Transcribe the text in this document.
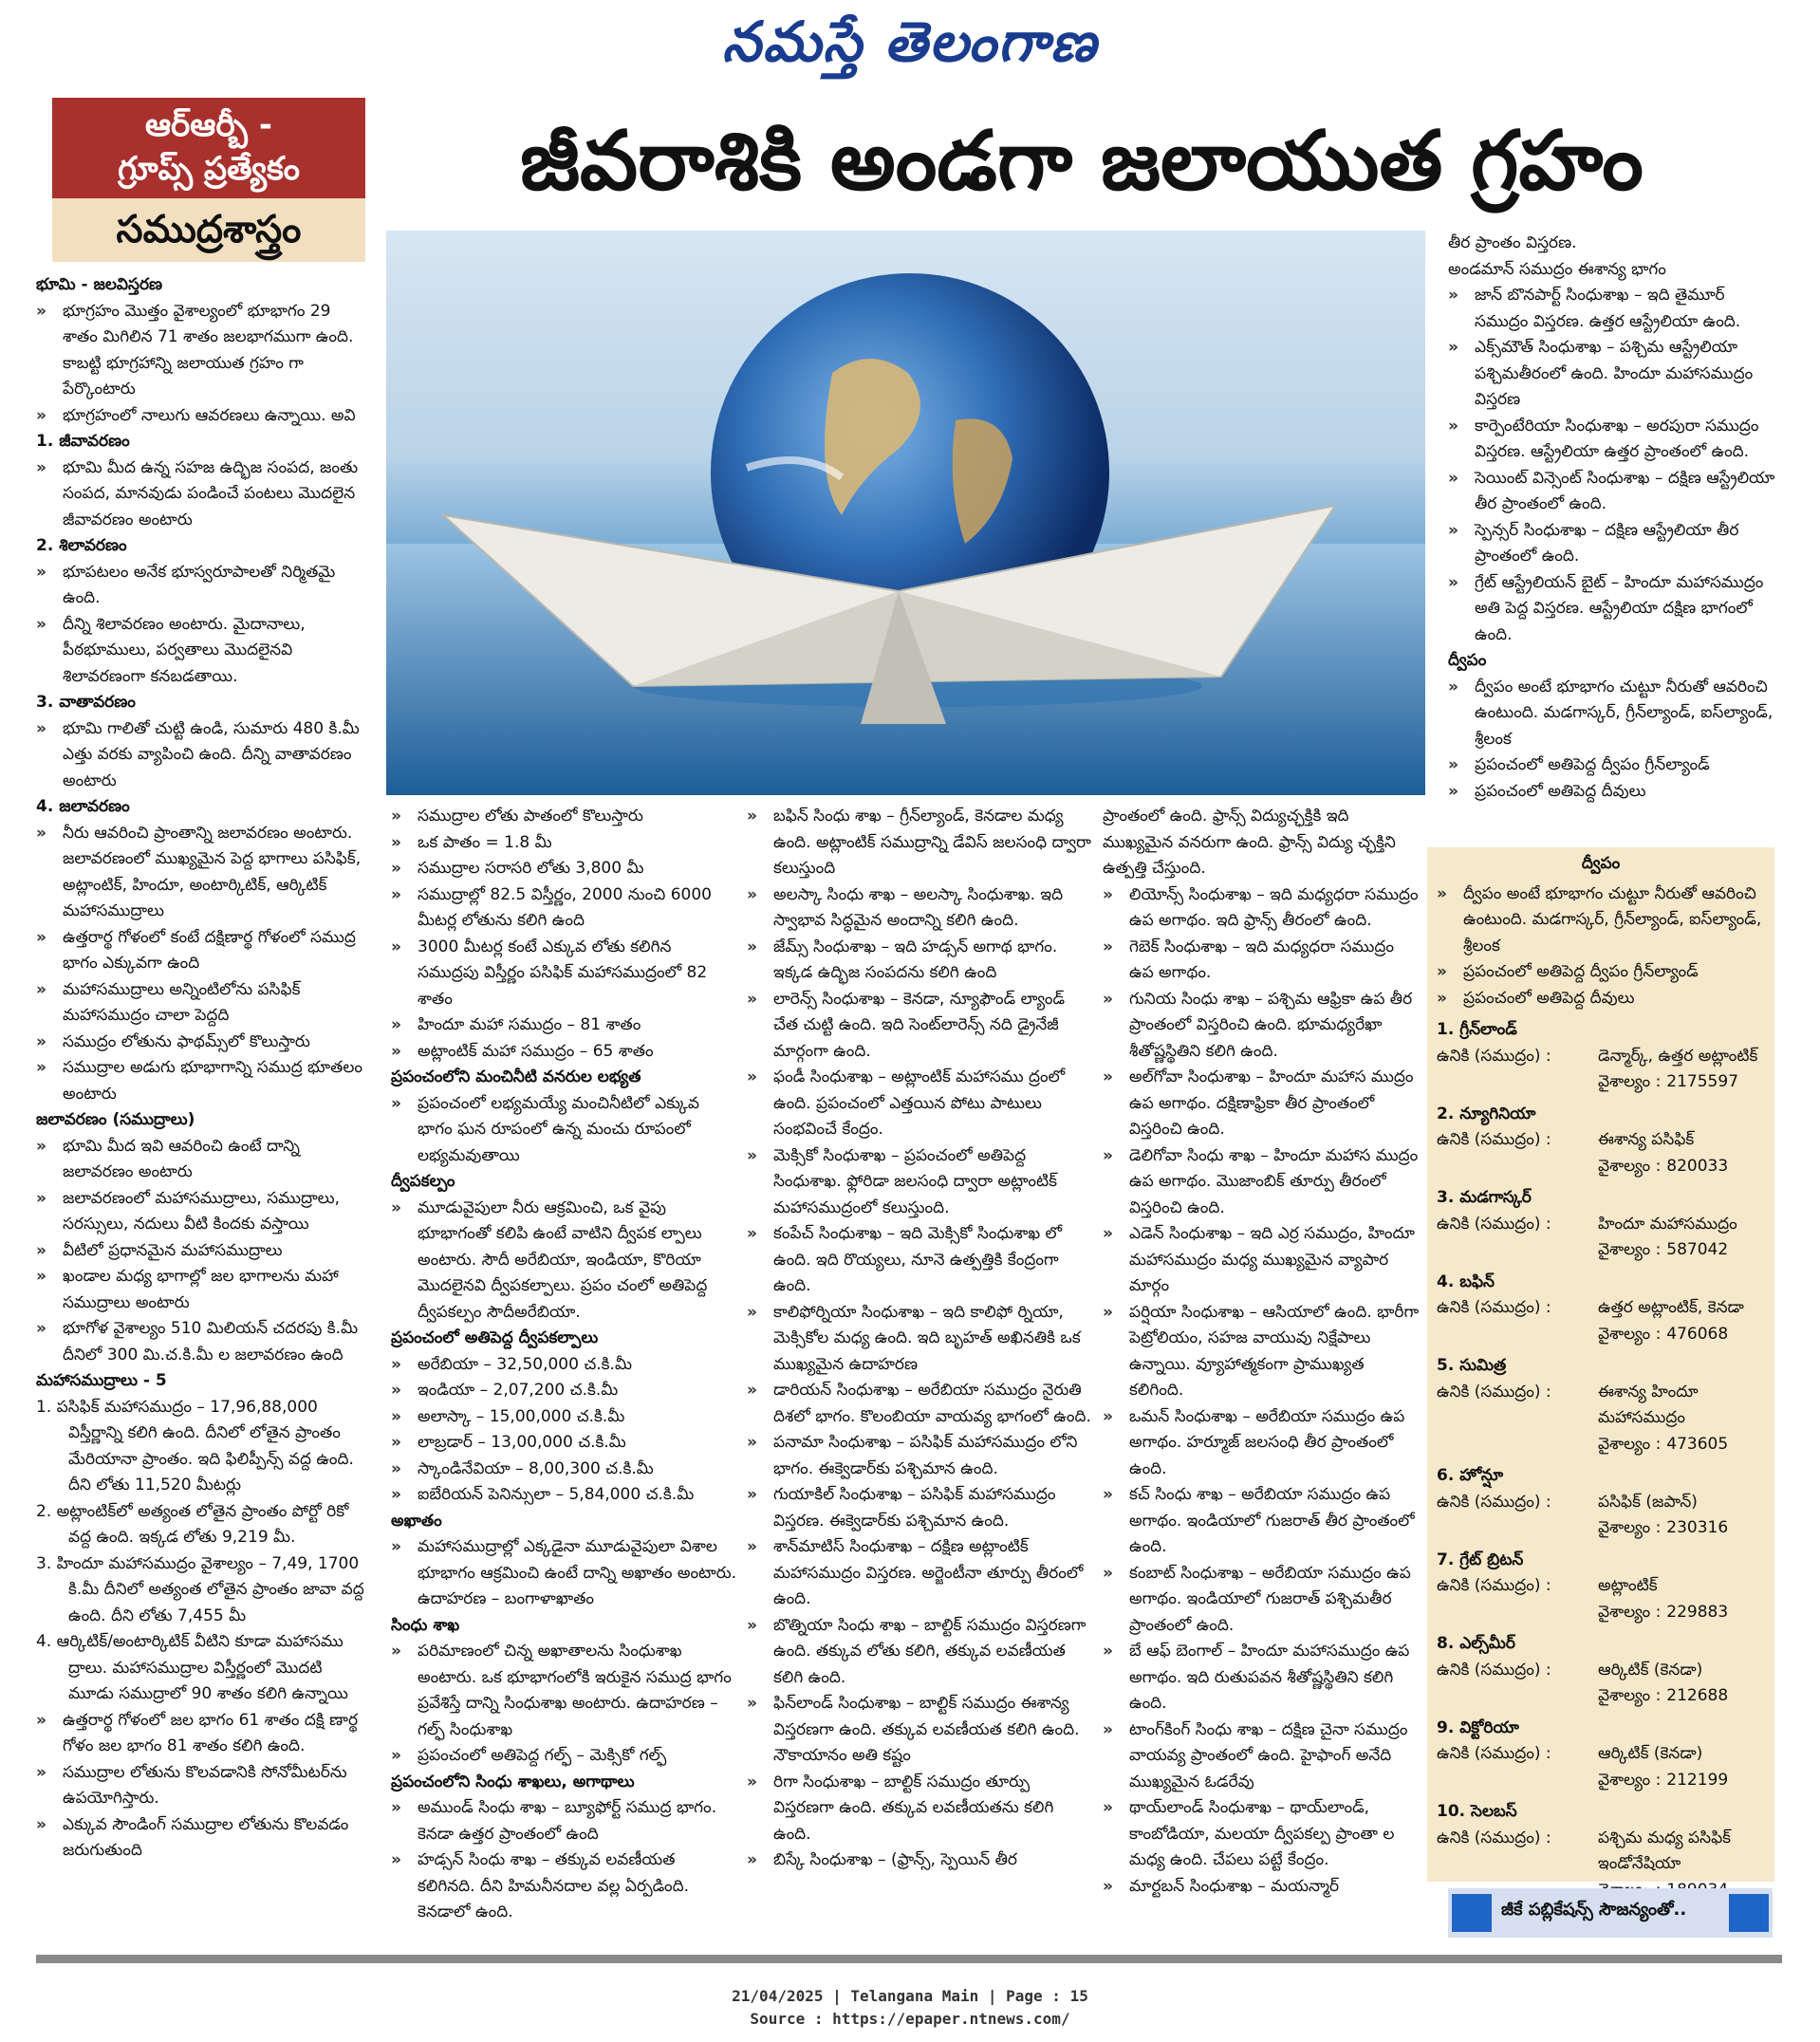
నమస్తే తెలంగాణ
ఆర్ఆర్బీ -
గ్రూప్స్ ప్రత్యేకం
సముద్రశాస్త్రం
జీవరాశికి అండగా జలాయుత గ్రహం

భూమి - జలవిస్తరణ

» భూగ్రహం మొత్తం వైశాల్యంలో భూభాగం 29 శాతం మిగిలిన 71 శాతం జలభాగముగా ఉంది. కాబట్టి భూగ్రహాన్ని జలాయుత గ్రహం గా పేర్కొంటారు

» భూగ్రహంలో నాలుగు ఆవరణలు ఉన్నాయి. అవి

1. జీవావరణం

» భూమి మీద ఉన్న సహజ ఉద్భిజ సంపద, జంతు సంపద, మానవుడు పండించే పంటలు మొదలైన జీవావరణం అంటారు

2. శిలావరణం

» భూపటలం అనేక భూస్వరూపాలతో నిర్మితమై ఉంది.

» దీన్ని శిలావరణం అంటారు. మైదానాలు, పీఠభూములు, పర్వతాలు మొదలైనవి శిలావరణంగా కనబడతాయి.

3. వాతావరణం

» భూమి గాలితో చుట్టి ఉండి, సుమారు 480 కి.మీ ఎత్తు వరకు వ్యాపించి ఉంది. దీన్ని వాతావరణం అంటారు

4. జలావరణం

» నీరు ఆవరించి ప్రాంతాన్ని జలావరణం అంటారు. జలావరణంలో ముఖ్యమైన పెద్ద భాగాలు పసిఫిక్, అట్లాంటిక్, హిందూ, అంటార్కిటిక్, ఆర్కిటిక్ మహాసముద్రాలు

» ఉత్తరార్థ గోళంలో కంటే దక్షిణార్థ గోళంలో సముద్ర భాగం ఎక్కువగా ఉంది

» మహాసముద్రాలు అన్నింటిలోను పసిఫిక్ మహాసముద్రం చాలా పెద్దది

» సముద్రం లోతును ఫాథమ్స్‌లో కొలుస్తారు

» సముద్రాల అడుగు భూభాగాన్ని సముద్ర భూతలం అంటారు

జలావరణం (సముద్రాలు)

» భూమి మీద ఇవి ఆవరించి ఉంటే దాన్ని జలావరణం అంటారు

» జలావరణంలో మహాసముద్రాలు, సముద్రాలు, సరస్సులు, నదులు వీటి కిందకు వస్తాయి

» వీటిలో ప్రధానమైన మహాసముద్రాలు

» ఖండాల మధ్య భాగాల్లో జల భాగాలను మహా సముద్రాలు అంటారు

» భూగోళ వైశాల్యం 510 మిలియన్ చదరపు కి.మీ దీనిలో 300 మి.చ.కి.మీ ల జలావరణం ఉంది

మహాసముద్రాలు - 5

1. పసిఫిక్ మహాసముద్రం – 17,96,88,000 విస్తీర్ణాన్ని కలిగి ఉంది. దీనిలో లోతైన ప్రాంతం మేరియానా ప్రాంతం. ఇది ఫిలిప్పీన్స్ వద్ద ఉంది. దీని లోతు 11,520 మీటర్లు

2. అట్లాంటిక్‌లో అత్యంత లోతైన ప్రాంతం పోర్టో రికో వద్ద ఉంది. ఇక్కడ లోతు 9,219 మీ.

3. హిందూ మహాసముద్రం వైశాల్యం – 7,49, 1700 కి.మీ దీనిలో అత్యంత లోతైన ప్రాంతం జావా వద్ద ఉంది. దీని లోతు 7,455 మీ

4. ఆర్కిటిక్/అంటార్కిటిక్ వీటిని కూడా మహాసము ద్రాలు. మహాసముద్రాల విస్తీర్ణంలో మొదటి మూడు సముద్రాలో 90 శాతం కలిగి ఉన్నాయి

» ఉత్తరార్థ గోళంలో జల భాగం 61 శాతం దక్షి ణార్థ గోళం జల భాగం 81 శాతం కలిగి ఉంది.

» సముద్రాల లోతును కొలవడానికి సోనోమీటర్‌ను ఉపయోగిస్తారు.

» ఎక్కువ సౌండింగ్ సముద్రాల లోతును కొలవడం జరుగుతుంది

» సముద్రాల లోతు పాతంలో కొలుస్తారు

» ఒక పాతం = 1.8 మీ

» సముద్రాల సరాసరి లోతు 3,800 మీ

» సముద్రాల్లో 82.5 విస్తీర్ణం, 2000 నుంచి 6000 మీటర్ల లోతును కలిగి ఉంది

» 3000 మీటర్ల కంటే ఎక్కువ లోతు కలిగిన సముద్రపు విస్తీర్ణం పసిఫిక్ మహాసముద్రంలో 82 శాతం

» హిందూ మహా సముద్రం – 81 శాతం

» అట్లాంటిక్ మహా సముద్రం – 65 శాతం

ప్రపంచంలోని మంచినీటి వనరుల లభ్యత

» ప్రపంచంలో లభ్యమయ్యే మంచినీటిలో ఎక్కువ భాగం ఘన రూపంలో ఉన్న మంచు రూపంలో లభ్యమవుతాయి

ద్వీపకల్పం

» మూడువైపులా నీరు ఆక్రమించి, ఒక వైపు భూభాగంతో కలిపి ఉంటే వాటిని ద్వీపక ల్పాలు అంటారు. సౌదీ అరేబియా, ఇండియా, కొరియా మొదలైనవి ద్వీపకల్పాలు. ప్రపం చంలో అతిపెద్ద ద్వీపకల్పం సౌదీఅరేబియా.

ప్రపంచంలో అతిపెద్ద ద్వీపకల్పాలు

» అరేబియా – 32,50,000 చ.కి.మీ

» ఇండియా – 2,07,200 చ.కి.మీ

» అలాస్కా – 15,00,000 చ.కి.మీ

» లాబ్రడార్ – 13,00,000 చ.కి.మీ

» స్కాండినేవియా – 8,00,300 చ.కి.మీ

» ఐబేరియన్ పెనిన్సులా – 5,84,000 చ.కి.మీ

అఖాతం

» మహాసముద్రాల్లో ఎక్కడైనా మూడువైపులా విశాల భూభాగం ఆక్రమించి ఉంటే దాన్ని అఖాతం అంటారు. ఉదాహరణ – బంగాళాఖాతం

సింధు శాఖ

» పరిమాణంలో చిన్న అఖాతాలను సింధుశాఖ అంటారు. ఒక భూభాగంలోకి ఇరుకైన సముద్ర భాగం ప్రవేశిస్తే దాన్ని సింధుశాఖ అంటారు. ఉదాహరణ – గల్ఫ్ సింధుశాఖ

» ప్రపంచంలో అతిపెద్ద గల్ఫ్ – మెక్సికో గల్ఫ్

ప్రపంచంలోని సింధు శాఖలు, అగాథాలు

» అముండ్ సింధు శాఖ – బ్యూఫోర్ట్ సముద్ర భాగం. కెనడా ఉత్తర ప్రాంతంలో ఉంది

» హడ్సన్ సింధు శాఖ – తక్కువ లవణీయత కలిగినది. దీని హిమనీనదాల వల్ల ఏర్పడింది. కెనడాలో ఉంది.

» బఫిన్ సింధు శాఖ – గ్రీన్‌ల్యాండ్, కెనడాల మధ్య ఉంది. అట్లాంటిక్ సముద్రాన్ని డేవిస్ జలసంధి ద్వారా కలుస్తుంది

» అలస్కా సింధు శాఖ – అలస్కా సింధుశాఖ. ఇది స్వాభావ సిద్ధమైన అందాన్ని కలిగి ఉంది.

» జేమ్స్ సింధుశాఖ – ఇది హడ్సన్ అగాథ భాగం. ఇక్కడ ఉద్భిజ సంపదను కలిగి ఉంది

» లారెన్స్ సింధుశాఖ – కెనడా, న్యూఫౌండ్ ల్యాండ్ చేత చుట్టి ఉంది. ఇది సెంట్‌లారెన్స్ నది డ్రైనేజీ మార్గంగా ఉంది.

» ఫండీ సింధుశాఖ – అట్లాంటిక్ మహాసము ద్రంలో ఉంది. ప్రపంచంలో ఎత్తయిన పోటు పాటులు సంభవించే కేంద్రం.

» మెక్సికో సింధుశాఖ – ప్రపంచంలో అతిపెద్ద సింధుశాఖ. ఫ్లోరిడా జలసంధి ద్వారా అట్లాంటిక్ మహాసముద్రంలో కలుస్తుంది.

» కంపేచ్ సింధుశాఖ – ఇది మెక్సికో సింధుశాఖ లో ఉంది. ఇది రొయ్యలు, నూనె ఉత్పత్తికి కేంద్రంగా ఉంది.

» కాలిఫోర్నియా సింధుశాఖ – ఇది కాలిఫో ర్నియా, మెక్సికోల మధ్య ఉంది. ఇది బృహత్ అఖినతికి ఒక ముఖ్యమైన ఉదాహరణ

» డారియన్ సింధుశాఖ – అరేబియా సముద్రం నైరుతి దిశలో భాగం. కొలంబియా వాయవ్య భాగంలో ఉంది.

» పనామా సింధుశాఖ – పసిఫిక్ మహాసముద్రం లోని భాగం. ఈక్వెడార్‌కు పశ్చిమాన ఉంది.

» గుయాకిల్ సింధుశాఖ – పసిఫిక్ మహాసముద్రం విస్తరణ. ఈక్వెడార్‌కు పశ్చిమాన ఉంది.

» శాన్‌మాటిస్ సింధుశాఖ – దక్షిణ అట్లాంటిక్ మహాసముద్రం విస్తరణ. అర్జెంటీనా తూర్పు తీరంలో ఉంది.

» బొత్నియా సింధు శాఖ – బాల్టిక్ సముద్రం విస్తరణగా ఉంది. తక్కువ లోతు కలిగి, తక్కువ లవణీయత కలిగి ఉంది.

» ఫిన్‌లాండ్ సింధుశాఖ – బాల్టిక్ సముద్రం ఈశాన్య విస్తరణగా ఉంది. తక్కువ లవణీయత కలిగి ఉంది. నౌకాయానం అతి కష్టం

» రిగా సింధుశాఖ – బాల్టిక్ సముద్రం తూర్పు విస్తరణగా ఉంది. తక్కువ లవణీయతను కలిగి ఉంది.

» బిస్కే సింధుశాఖ – (ఫ్రాన్స్, స్పెయిన్ తీర

ప్రాంతంలో ఉంది. ఫ్రాన్స్ విద్యుచ్ఛక్తికి ఇది ముఖ్యమైన వనరుగా ఉంది. ఫ్రాన్స్ విద్యు చ్ఛక్తిని ఉత్పత్తి చేస్తుంది.

» లియోన్స్ సింధుశాఖ – ఇది మధ్యధరా సముద్రం ఉప అగాథం. ఇది ఫ్రాన్స్ తీరంలో ఉంది.

» గెబెక్ సింధుశాఖ – ఇది మధ్యధరా సముద్రం ఉప అగాథం.

» గునియ సింధు శాఖ – పశ్చిమ ఆఫ్రికా ఉప తీర ప్రాంతంలో విస్తరించి ఉంది. భూమధ్యరేఖా శీతోష్ణస్థితిని కలిగి ఉంది.

» అల్‌గోవా సింధుశాఖ – హిందూ మహాస ముద్రం ఉప అగాథం. దక్షిణాఫ్రికా తీర ప్రాంతంలో విస్తరించి ఉంది.

» డెలిగోవా సింధు శాఖ – హిందూ మహాస ముద్రం ఉప అగాథం. మొజాంబిక్ తూర్పు తీరంలో విస్తరించి ఉంది.

» ఎడెన్ సింధుశాఖ – ఇది ఎర్ర సముద్రం, హిందూ మహాసముద్రం మధ్య ముఖ్యమైన వ్యాపార మార్గం

» పర్షియా సింధుశాఖ – ఆసియాలో ఉంది. భారీగా పెట్రోలియం, సహజ వాయువు నిక్షేపాలు ఉన్నాయి. వ్యూహాత్మకంగా ప్రాముఖ్యత కలిగింది.

» ఒమన్ సింధుశాఖ – అరేబియా సముద్రం ఉప అగాథం. హర్మూజ్ జలసంధి తీర ప్రాంతంలో ఉంది.

» కచ్ సింధు శాఖ – అరేబియా సముద్రం ఉప అగాథం. ఇండియాలో గుజరాత్ తీర ప్రాంతంలో ఉంది.

» కంబాట్ సింధుశాఖ – అరేబియా సముద్రం ఉప అగాథం. ఇండియాలో గుజరాత్ పశ్చిమతీర ప్రాంతంలో ఉంది.

» బే ఆఫ్ బెంగాల్ – హిందూ మహాసముద్రం ఉప అగాథం. ఇది రుతుపవన శీతోష్ణస్థితిని కలిగి ఉంది.

» టాంగ్‌కింగ్ సింధు శాఖ – దక్షిణ చైనా సముద్రం వాయవ్య ప్రాంతంలో ఉంది. హైఫాంగ్ అనేది ముఖ్యమైన ఓడరేవు

» థాయ్‌లాండ్ సింధుశాఖ – థాయ్‌లాండ్, కాంబోడియా, మలయా ద్వీపకల్ప ప్రాంతా ల మధ్య ఉంది. చేపలు పట్టే కేంద్రం.

» మార్టబన్ సింధుశాఖ – మయన్మార్

తీర ప్రాంతం విస్తరణ.

అండమాన్ సముద్రం ఈశాన్య భాగం

» జాన్ బొనపార్ట్ సింధుశాఖ – ఇది తైమూర్ సముద్రం విస్తరణ. ఉత్తర ఆస్ట్రేలియా ఉంది.

» ఎక్స్‌మౌత్ సింధుశాఖ – పశ్చిమ ఆస్ట్రేలియా పశ్చిమతీరంలో ఉంది. హిందూ మహాసముద్రం విస్తరణ

» కార్పెంటేరియా సింధుశాఖ – అరపురా సముద్రం విస్తరణ. ఆస్ట్రేలియా ఉత్తర ప్రాంతంలో ఉంది.

» సెయింట్ విన్సెంట్ సింధుశాఖ – దక్షిణ ఆస్ట్రేలియా తీర ప్రాంతంలో ఉంది.

» స్పెన్సర్ సింధుశాఖ – దక్షిణ ఆస్ట్రేలియా తీర ప్రాంతంలో ఉంది.

» గ్రేట్ ఆస్ట్రేలియన్ బైట్ – హిందూ మహాసముద్రం అతి పెద్ద విస్తరణ. ఆస్ట్రేలియా దక్షిణ భాగంలో ఉంది.

ద్వీపం

» ద్వీపం అంటే భూభాగం చుట్టూ నీరుతో ఆవరించి ఉంటుంది. మడగాస్కర్, గ్రీన్‌ల్యాండ్, ఐస్‌ల్యాండ్, శ్రీలంక

» ప్రపంచంలో అతిపెద్ద ద్వీపం గ్రీన్‌ల్యాండ్

» ప్రపంచంలో అతిపెద్ద దీవులు

ద్వీపం

» ద్వీపం అంటే భూభాగం చుట్టూ నీరుతో ఆవరించి ఉంటుంది. మడగాస్కర్, గ్రీన్‌ల్యాండ్, ఐస్‌ల్యాండ్, శ్రీలంక

» ప్రపంచంలో అతిపెద్ద ద్వీపం గ్రీన్‌ల్యాండ్

» ప్రపంచంలో అతిపెద్ద దీవులు

1. గ్రీన్‌లాండ్
ఉనికి (సముద్రం) :	డెన్మార్క్, ఉత్తర అట్లాంటిక్
వైశాల్యం : 2175597
2. న్యూగినియా
ఉనికి (సముద్రం) :	ఈశాన్య పసిఫిక్
వైశాల్యం : 820033
3. మడగాస్కర్
ఉనికి (సముద్రం) :	హిందూ మహాసముద్రం
వైశాల్యం : 587042
4. బఫిన్
ఉనికి (సముద్రం) :	ఉత్తర అట్లాంటిక్, కెనడా
వైశాల్యం : 476068
5. సుమిత్ర
ఉనికి (సముద్రం) :	ఈశాన్య హిందూ మహాసముద్రం
వైశాల్యం : 473605
6. హోన్షూ
ఉనికి (సముద్రం) :	పసిఫిక్ (జపాన్)
వైశాల్యం : 230316
7. గ్రేట్ బ్రిటన్
ఉనికి (సముద్రం) :	అట్లాంటిక్
వైశాల్యం : 229883
8. ఎల్స్‌మీర్
ఉనికి (సముద్రం) :	ఆర్కిటిక్ (కెనడా)
వైశాల్యం : 212688
9. విక్టోరియా
ఉనికి (సముద్రం) :	ఆర్కిటిక్ (కెనడా)
వైశాల్యం : 212199
10. సెలబస్
ఉనికి (సముద్రం) :	పశ్చిమ మధ్య పసిఫిక్ ఇండోనేషియా
జీకే పబ్లికేషన్స్ సౌజన్యంతో..
21/04/2025 | Telangana Main | Page : 15
Source : https://epaper.ntnews.com/
